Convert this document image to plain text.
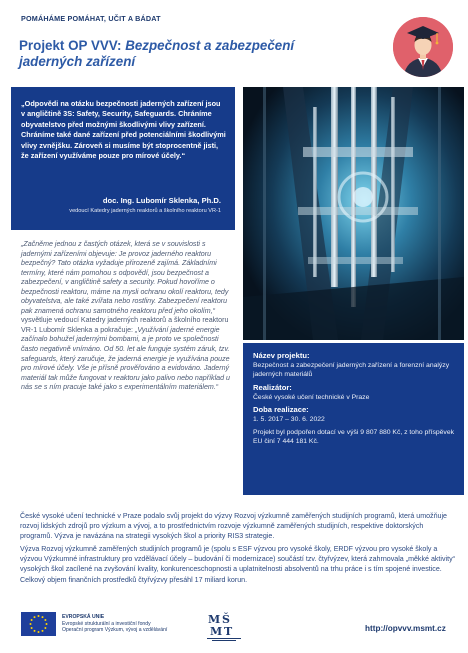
POMÁHÁME POMÁHAT, UČIT A BÁDAT
Projekt OP VVV: Bezpečnost a zabezpečení
jaderných zařízení

„Odpovědi na otázku bezpečnosti jaderných zařízení jsou v angličtině 3S: Safety, Security, Safeguards. Chráníme obyvatelstvo před možnými škodlivými vlivy zařízení. Chráníme také dané zařízení před potenciálními škodlivými vlivy zvnějšku. Zároveň si musíme být stoprocentně jisti, že zařízení využíváme pouze pro mírové účely.“

doc. Ing. Lubomír Sklenka, Ph.D.
vedoucí Katedry jaderných reaktorů a školního reaktoru VR-1

„Začněme jednou z častých otázek, která se v souvislosti s jadernými zařízeními objevuje: Je provoz jaderného reaktoru bezpečný? Tato otázka vyžaduje přirozeně zajímá. Základními termíny, které nám pomohou s odpovědí, jsou bezpečnost a zabezpečení, v angličtině safety a security. Pokud hovoříme o bezpečnosti reaktoru, máme na mysli ochranu okolí reaktoru, tedy obyvatelstva, ale také zvířata nebo rostliny. Zabezpečení reaktoru pak znamená ochranu samotného reaktoru před jeho okolím,“ vysvětluje vedoucí Katedry jaderných reaktorů a školního reaktoru VR-1 Lubomír Sklenka a pokračuje: „Využívání jaderné energie začínalo bohužel jadernými bombami, a je proto ve společnosti často negativně vnímáno. Od 50. let ale funguje systém záruk, tzv. safeguards, který zaručuje, že jaderná energie je využívána pouze pro mírové účely. Vše je přísně prověřováno a evidováno. Jaderný materiál tak může fungovat v reaktoru jako palivo nebo například u nás se s ním pracuje také jako s experimentálním materiálem.“

Název projektu:
Bezpečnost a zabezpečení jaderných zařízení a forenzní analýzy jaderných materiálů
Realizátor:
České vysoké učení technické v Praze
Doba realizace:
1. 5. 2017 – 30. 6. 2022
Projekt byl podpořen dotací ve výši 9 807 880 Kč, z toho příspěvek EU činí 7 444 181 Kč.

České vysoké učení technické v Praze podalo svůj projekt do výzvy Rozvoj výzkumně zaměřených studijních programů, která umožňuje rozvoj lidských zdrojů pro výzkum a vývoj, a to prostřednictvím rozvoje výzkumně zaměřených studijních, respektive doktorských programů. Výzva je navázána na strategii vysokých škol a priority RIS3 strategie.

Výzva Rozvoj výzkumně zaměřených studijních programů je (spolu s ESF výzvou pro vysoké školy, ERDF výzvou pro vysoké školy a výzvou Výzkumné infrastruktury pro vzdělávací účely – budování či modernizace) součástí tzv. čtyřvýzev, která zahrnovala „měkké aktivity“ vysokých škol zacílené na zvyšování kvality, konkurenceschopnosti a uplatnitelnosti absolventů na trhu práce i s tím spojené investice. Celkový objem finančních prostředků čtyřvýzvy přesáhl 17 miliard korun.

EVROPSKÁ UNIE
Evropské strukturální a investiční fondy
Operační program Výzkum, vývoj a vzdělávání
M Š
M T	http://opvvv.msmt.cz
